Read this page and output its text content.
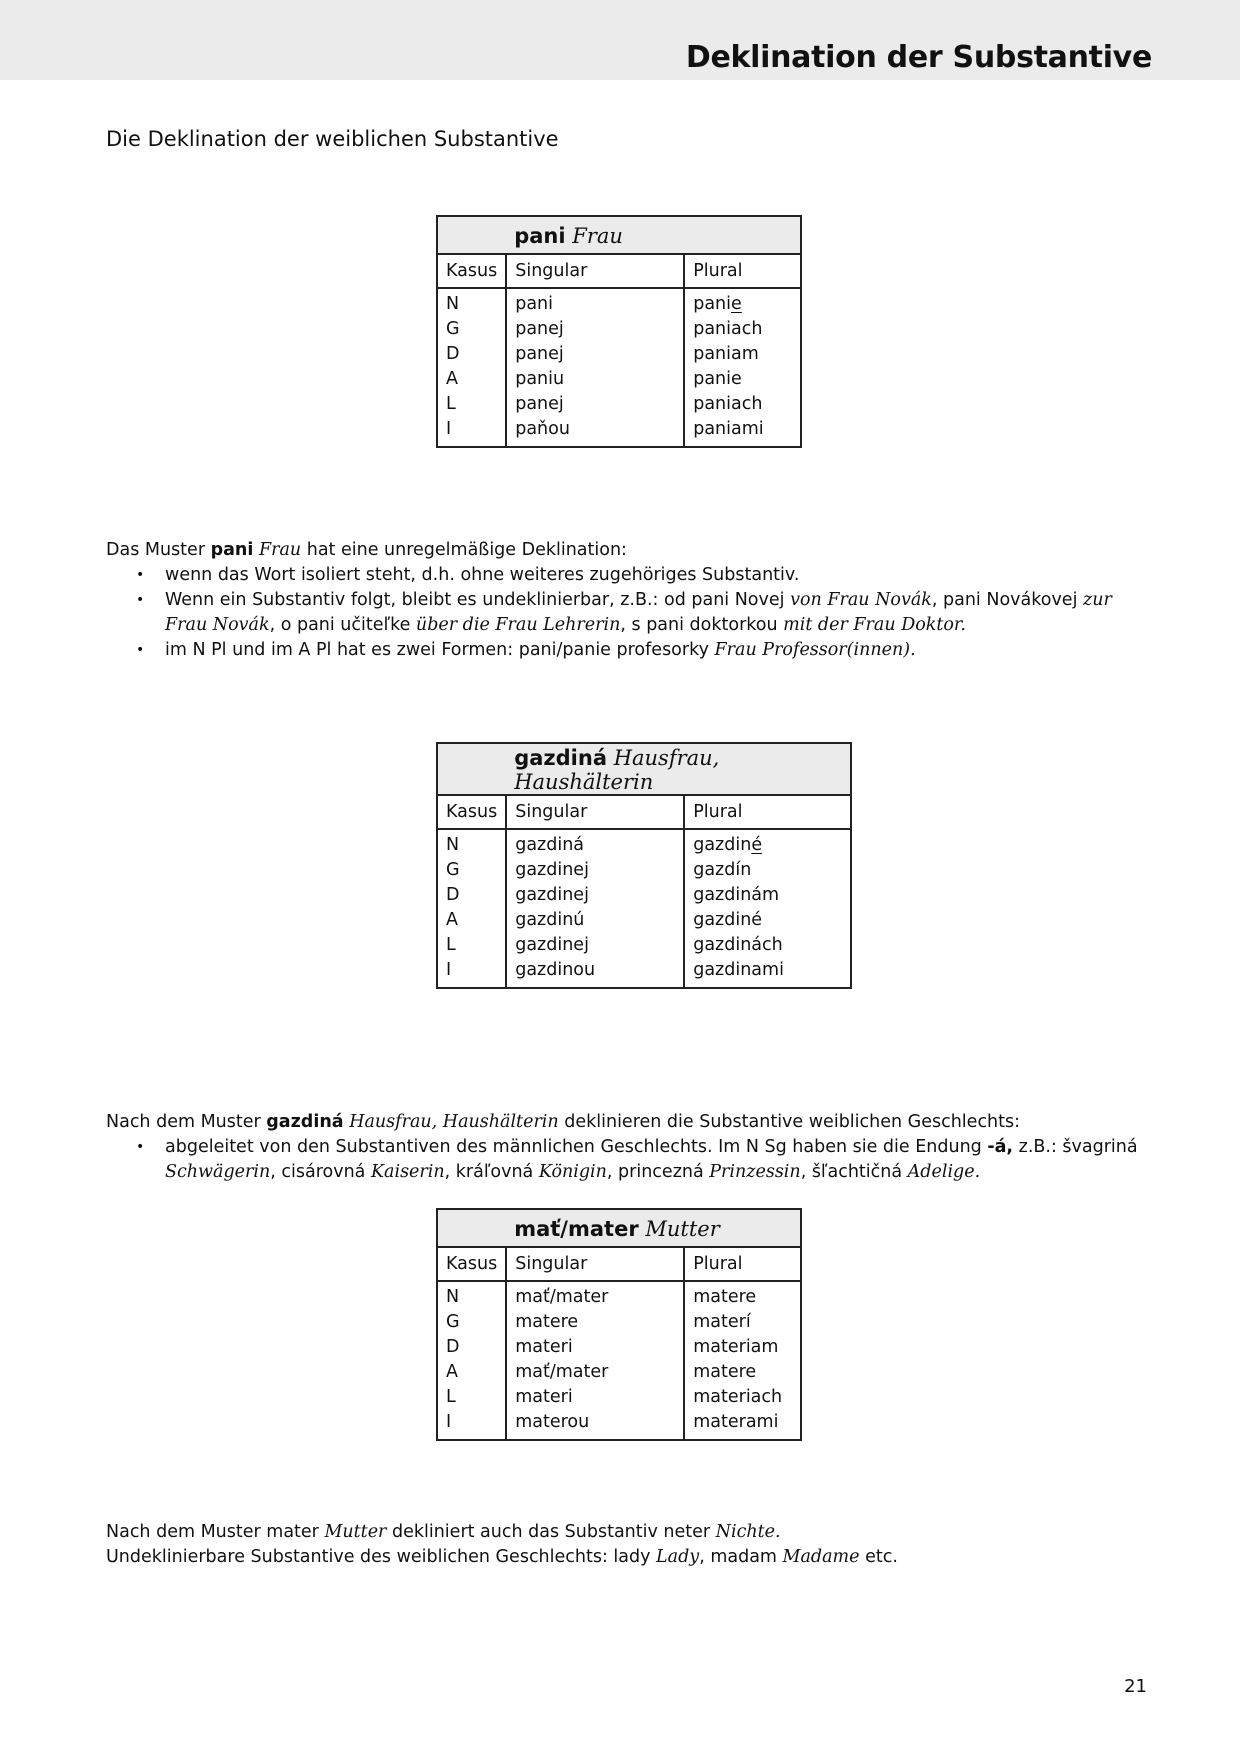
Deklination der Substantive
Die Deklination der weiblichen Substantive
	pani Frau	
Kasus	Singular	Plural
N	pani	panie
G	panej	paniach
D	panej	paniam
A	paniu	panie
L	panej	paniach
I	paňou	paniami
Das Muster pani Frau hat eine unregelmäßige Deklination:
• wenn das Wort isoliert steht, d.h. ohne weiteres zugehöriges Substantiv.
• Wenn ein Substantiv folgt, bleibt es undeklinierbar, z.B.: od pani Novej von Frau Novák, pani Novákovej zur Frau Novák, o pani učiteľke über die Frau Lehrerin, s pani doktorkou mit der Frau Doktor.
• im N Pl und im A Pl hat es zwei Formen: pani/panie profesorky Frau Professor(innen).
	gazdiná Hausfrau, Haushälterin	
Kasus	Singular	Plural
N	gazdiná	gazdiné
G	gazdinej	gazdín
D	gazdinej	gazdinám
A	gazdinú	gazdiné
L	gazdinej	gazdinách
I	gazdinou	gazdinami
Nach dem Muster gazdiná Hausfrau, Haushälterin deklinieren die Substantive weiblichen Geschlechts:
• abgeleitet von den Substantiven des männlichen Geschlechts. Im N Sg haben sie die Endung -á, z.B.: švagriná Schwägerin, cisárovná Kaiserin, kráľovná Königin, princezná Prinzessin, šľachtičná Adelige.
	mať/mater Mutter	
Kasus	Singular	Plural
N	mať/mater	matere
G	matere	materí
D	materi	materiam
A	mať/mater	matere
L	materi	materiach
I	materou	materami
Nach dem Muster mater Mutter dekliniert auch das Substantiv neter Nichte.
Undeklinierbare Substantive des weiblichen Geschlechts: lady Lady, madam Madame etc.
21
